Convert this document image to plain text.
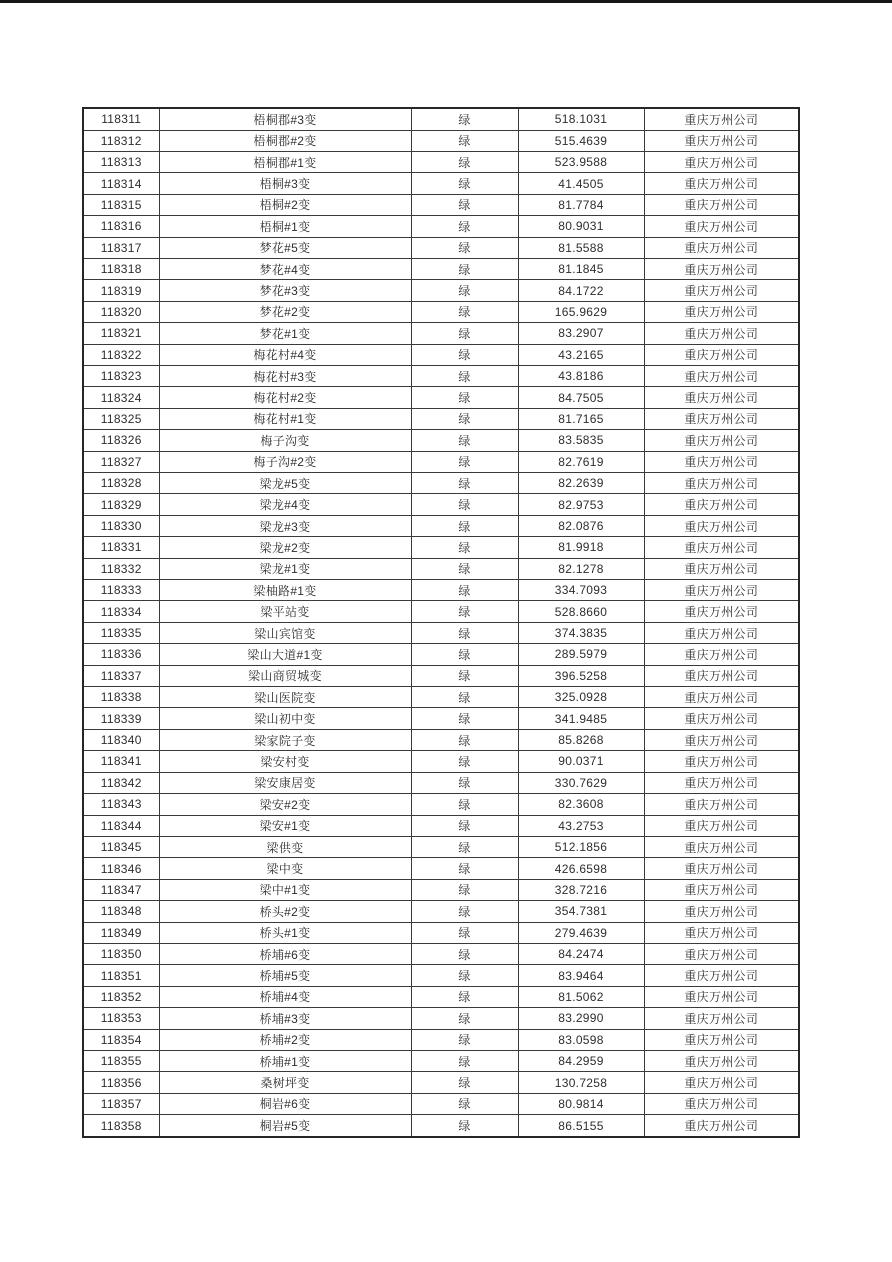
118311	梧桐郡#3变	绿	518.1031	重庆万州公司
118312	梧桐郡#2变	绿	515.4639	重庆万州公司
118313	梧桐郡#1变	绿	523.9588	重庆万州公司
118314	梧桐#3变	绿	41.4505	重庆万州公司
118315	梧桐#2变	绿	81.7784	重庆万州公司
118316	梧桐#1变	绿	80.9031	重庆万州公司
118317	梦花#5变	绿	81.5588	重庆万州公司
118318	梦花#4变	绿	81.1845	重庆万州公司
118319	梦花#3变	绿	84.1722	重庆万州公司
118320	梦花#2变	绿	165.9629	重庆万州公司
118321	梦花#1变	绿	83.2907	重庆万州公司
118322	梅花村#4变	绿	43.2165	重庆万州公司
118323	梅花村#3变	绿	43.8186	重庆万州公司
118324	梅花村#2变	绿	84.7505	重庆万州公司
118325	梅花村#1变	绿	81.7165	重庆万州公司
118326	梅子沟变	绿	83.5835	重庆万州公司
118327	梅子沟#2变	绿	82.7619	重庆万州公司
118328	梁龙#5变	绿	82.2639	重庆万州公司
118329	梁龙#4变	绿	82.9753	重庆万州公司
118330	梁龙#3变	绿	82.0876	重庆万州公司
118331	梁龙#2变	绿	81.9918	重庆万州公司
118332	梁龙#1变	绿	82.1278	重庆万州公司
118333	梁柚路#1变	绿	334.7093	重庆万州公司
118334	梁平站变	绿	528.8660	重庆万州公司
118335	梁山宾馆变	绿	374.3835	重庆万州公司
118336	梁山大道#1变	绿	289.5979	重庆万州公司
118337	梁山商贸城变	绿	396.5258	重庆万州公司
118338	梁山医院变	绿	325.0928	重庆万州公司
118339	梁山初中变	绿	341.9485	重庆万州公司
118340	梁家院子变	绿	85.8268	重庆万州公司
118341	梁安村变	绿	90.0371	重庆万州公司
118342	梁安康居变	绿	330.7629	重庆万州公司
118343	梁安#2变	绿	82.3608	重庆万州公司
118344	梁安#1变	绿	43.2753	重庆万州公司
118345	梁供变	绿	512.1856	重庆万州公司
118346	梁中变	绿	426.6598	重庆万州公司
118347	梁中#1变	绿	328.7216	重庆万州公司
118348	桥头#2变	绿	354.7381	重庆万州公司
118349	桥头#1变	绿	279.4639	重庆万州公司
118350	桥埔#6变	绿	84.2474	重庆万州公司
118351	桥埔#5变	绿	83.9464	重庆万州公司
118352	桥埔#4变	绿	81.5062	重庆万州公司
118353	桥埔#3变	绿	83.2990	重庆万州公司
118354	桥埔#2变	绿	83.0598	重庆万州公司
118355	桥埔#1变	绿	84.2959	重庆万州公司
118356	桑树坪变	绿	130.7258	重庆万州公司
118357	桐岩#6变	绿	80.9814	重庆万州公司
118358	桐岩#5变	绿	86.5155	重庆万州公司
